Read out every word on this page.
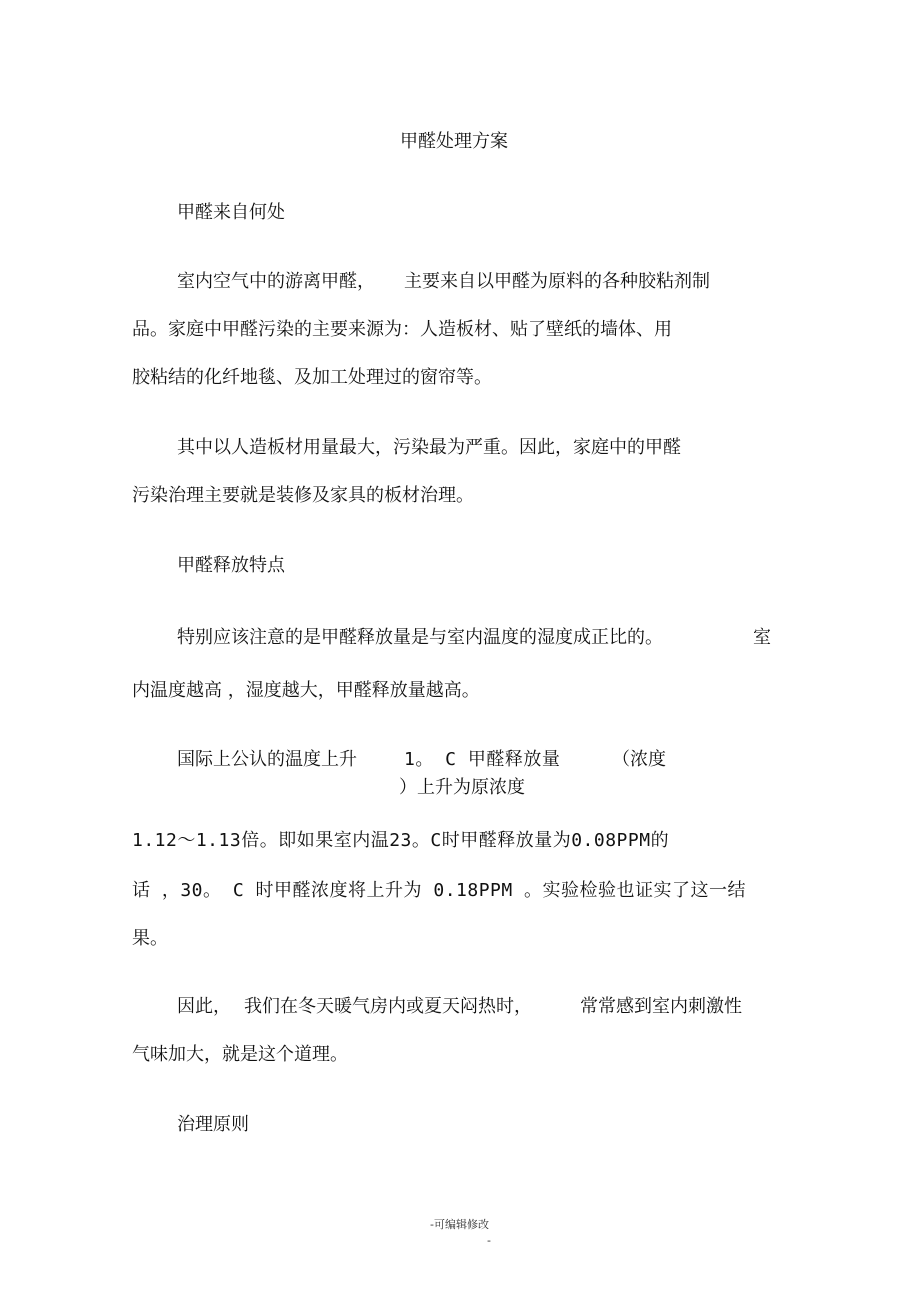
甲醛处理方案
甲醛来自何处
室内空气中的游离甲醛， 主要来自以甲醛为原料的各种胶粘剂制
品。家庭中甲醛污染的主要来源为：人造板材、贴了壁纸的墙体、用
胶粘结的化纤地毯、及加工处理过的窗帘等。
其中以人造板材用量最大，污染最为严重。因此，家庭中的甲醛
污染治理主要就是装修及家具的板材治理。
甲醛释放特点
特别应该注意的是甲醛释放量是与室内温度的湿度成正比的。	室
内温度越高 ，湿度越大，甲醛释放量越高。
国际上公认的温度上升	1。 C 甲醛释放量	（浓度
）上升为原浓度
1.12～1.13倍。即如果室内温23。C时甲醛释放量为0.08PPM的
话 ，30。 C 时甲醛浓度将上升为 0.18PPM 。实验检验也证实了这一结
果。
因此， 我们在冬天暖气房内或夏天闷热时，	常常感到室内刺激性
气味加大，就是这个道理。
治理原则
-可编辑修改
-
